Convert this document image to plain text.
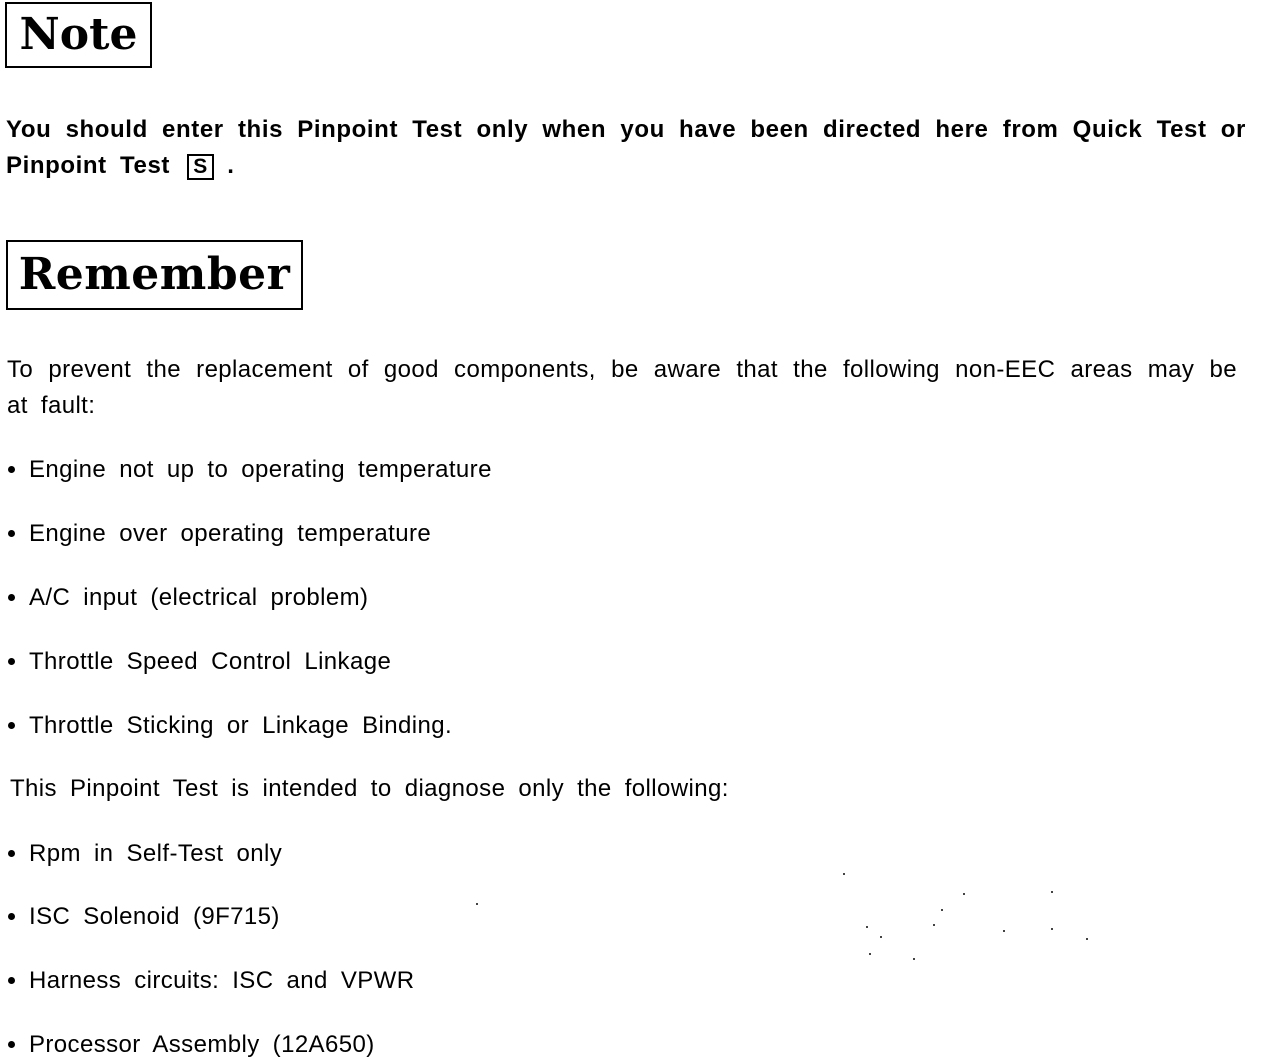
Note
You should enter this Pinpoint Test only when you have been directed here from Quick Test or Pinpoint Test S .
Remember
To prevent the replacement of good components, be aware that the following non-EEC areas may be at fault:
Engine not up to operating temperature
Engine over operating temperature
A/C input (electrical problem)
Throttle Speed Control Linkage
Throttle Sticking or Linkage Binding.
This Pinpoint Test is intended to diagnose only the following:
Rpm in Self-Test only
ISC Solenoid (9F715)
Harness circuits: ISC and VPWR
Processor Assembly (12A650)
